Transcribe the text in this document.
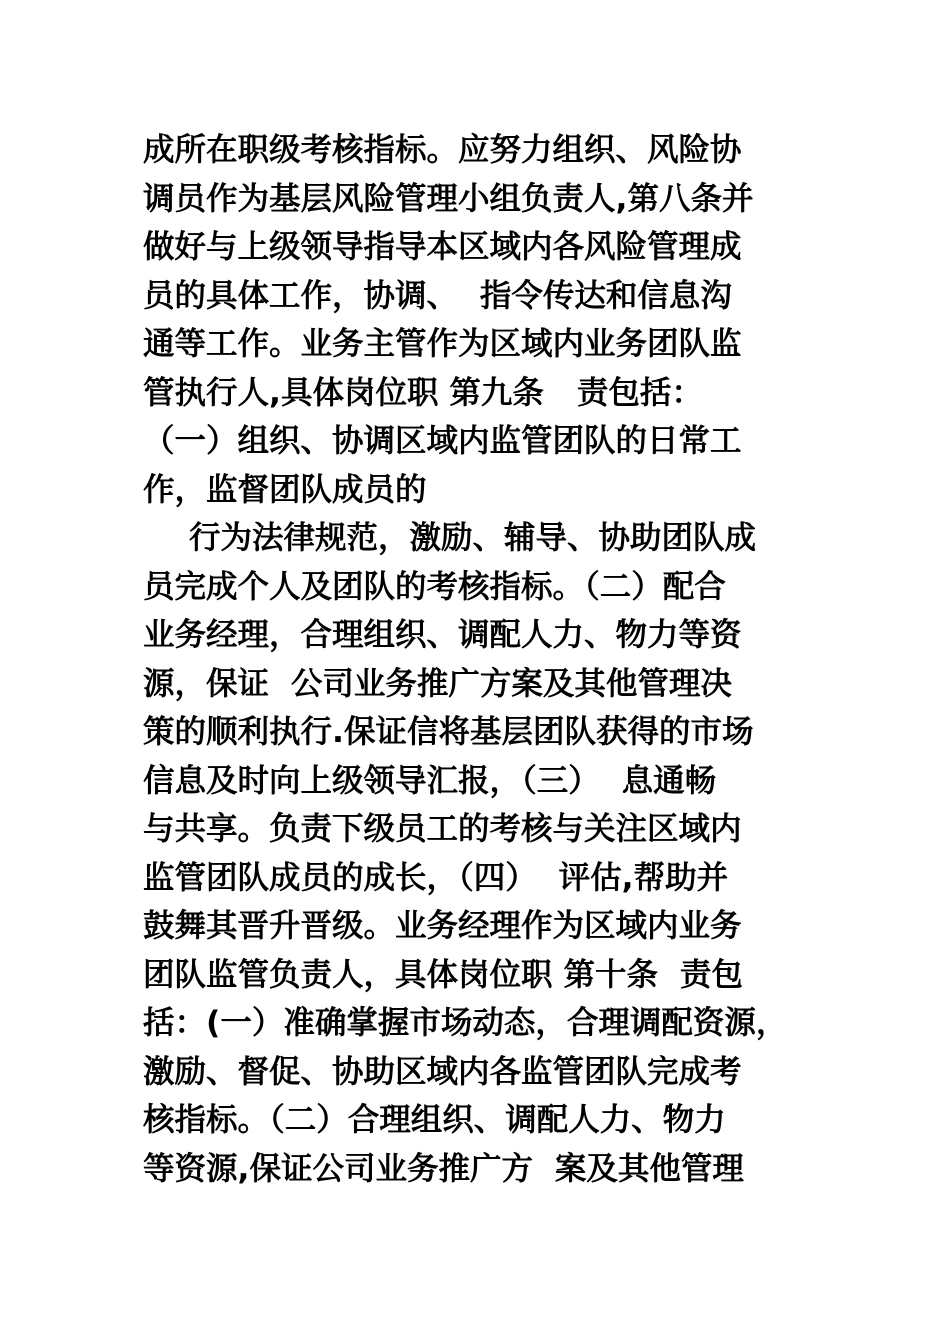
成所在职级考核指标。应努力组织、风险协
调员作为基层风险管理小组负责人,第八条并
做好与上级领导指导本区域内各风险管理成
员的具体工作，协调、  指令传达和信息沟
通等工作。业务主管作为区域内业务团队监
管执行人,具体岗位职 第九条   责包括：
（一）组织、协调区域内监管团队的日常工
作，监督团队成员的
行为法律规范，激励、辅导、协助团队成
员完成个人及团队的考核指标。（二）配合
业务经理，合理组织、调配人力、物力等资
源，保证  公司业务推广方案及其他管理决
策的顺利执行.保证信将基层团队获得的市场
信息及时向上级领导汇报，（三）  息通畅
与共享。负责下级员工的考核与关注区域内
监管团队成员的成长，（四）  评估,帮助并
鼓舞其晋升晋级。业务经理作为区域内业务
团队监管负责人，具体岗位职 第十条  责包
括：(一）准确掌握市场动态，合理调配资源，
激励、督促、协助区域内各监管团队完成考
核指标。（二）合理组织、调配人力、物力
等资源,保证公司业务推广方  案及其他管理
